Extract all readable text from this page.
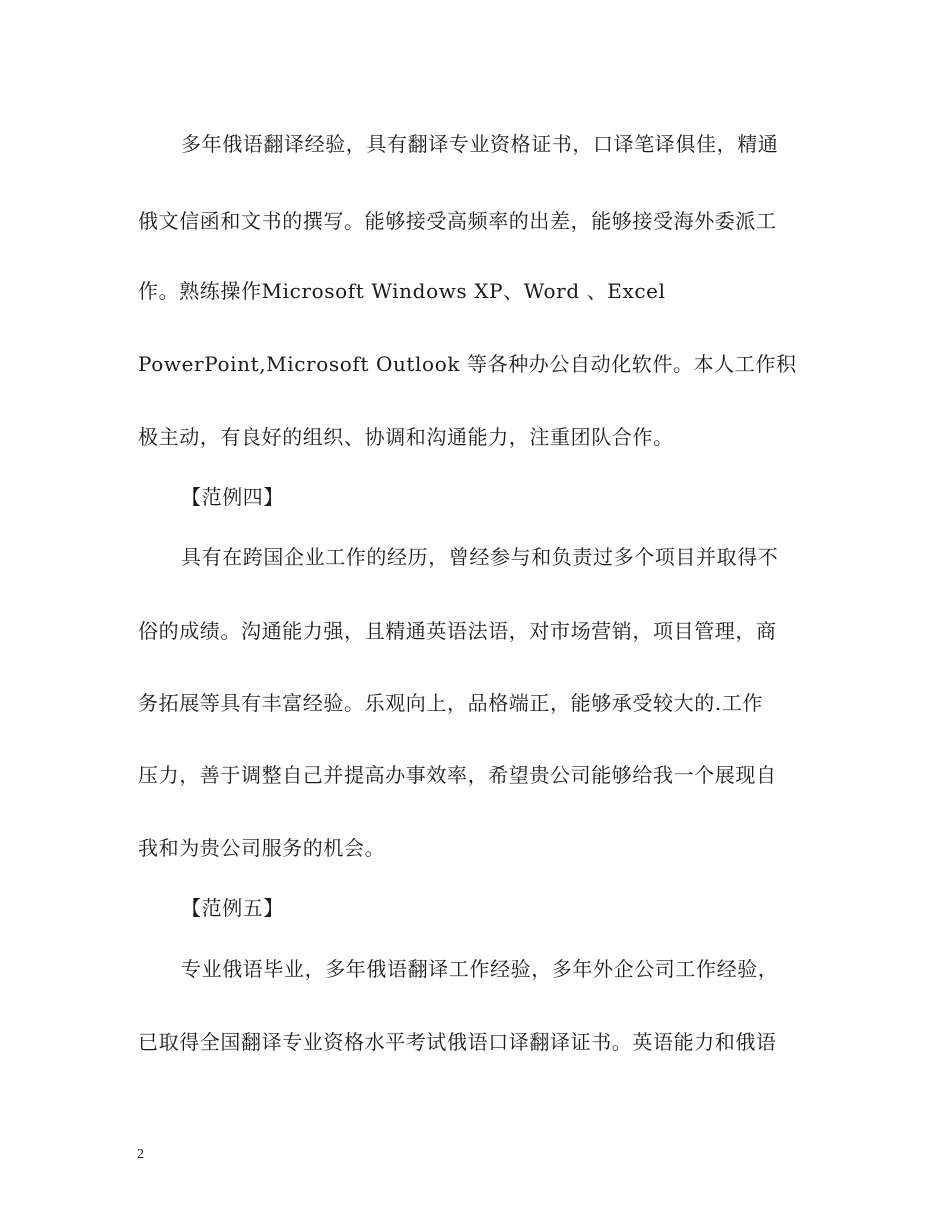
多年俄语翻译经验，具有翻译专业资格证书，口译笔译俱佳，精通
俄文信函和文书的撰写。能够接受高频率的出差，能够接受海外委派工
作。熟练操作Microsoft Windows XP、Word 、Excel
PowerPoint,Microsoft Outlook 等各种办公自动化软件。本人工作积
极主动，有良好的组织、协调和沟通能力，注重团队合作。
【范例四】
具有在跨国企业工作的经历，曾经参与和负责过多个项目并取得不
俗的成绩。沟通能力强，且精通英语法语，对市场营销，项目管理，商
务拓展等具有丰富经验。乐观向上，品格端正，能够承受较大的.工作
压力，善于调整自己并提高办事效率，希望贵公司能够给我一个展现自
我和为贵公司服务的机会。
【范例五】
专业俄语毕业，多年俄语翻译工作经验，多年外企公司工作经验，
已取得全国翻译专业资格水平考试俄语口译翻译证书。英语能力和俄语
2
